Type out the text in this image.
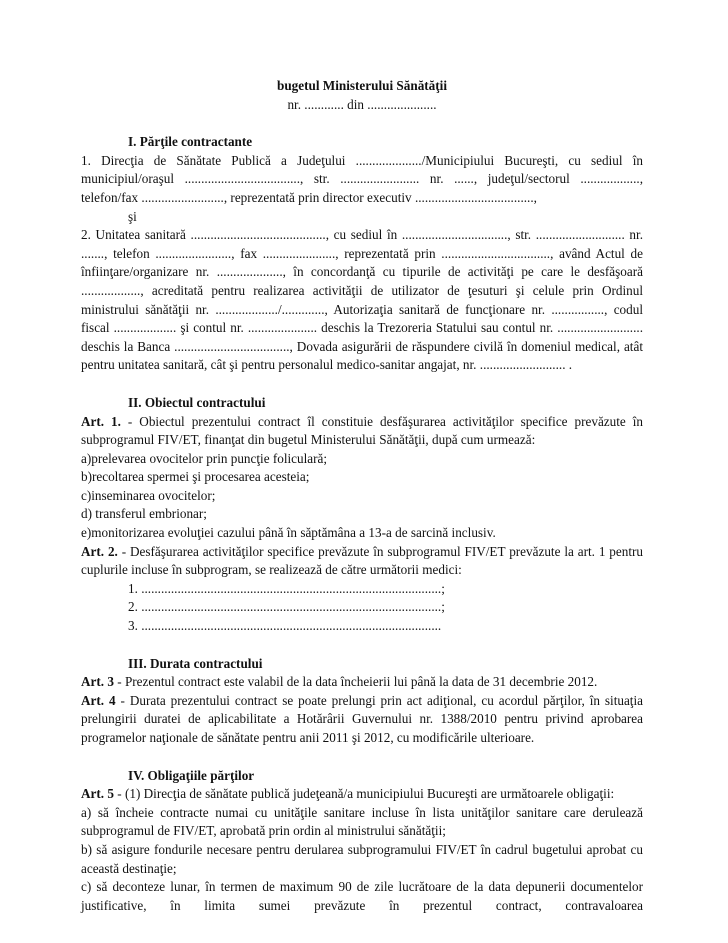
bugetul Ministerului Sănătăţii
nr. ............ din .....................
I. Părţile contractante

1. Direcţia de Sănătate Publică a Judeţului ..................../Municipiului Bucureşti, cu sediul în municipiul/oraşul ..................................., str. ........................ nr. ......, judeţul/sectorul .................., telefon/fax ........................., reprezentată prin director executiv ....................................,

şi

2. Unitatea sanitară ........................................., cu sediul în ................................, str. ........................... nr. ......., telefon ......................., fax ......................, reprezentată prin ................................., având Actul de înfiinţare/organizare nr. ...................., în concordanţă cu tipurile de activităţi pe care le desfăşoară .................., acreditată pentru realizarea activităţii de utilizator de ţesuturi şi celule prin Ordinul ministrului sănătăţii nr. .................../............., Autorizaţia sanitară de funcţionare nr. ................, codul fiscal ................... şi contul nr. ..................... deschis la Trezoreria Statului sau contul nr. .......................... deschis la Banca ..................................., Dovada asigurării de răspundere civilă în domeniul medical, atât pentru unitatea sanitară, cât şi pentru personalul medico-sanitar angajat, nr. .......................... .

II. Obiectul contractului

Art. 1. - Obiectul prezentului contract îl constituie desfăşurarea activităţilor specifice prevăzute în subprogramul FIV/ET, finanţat din bugetul Ministerului Sănătăţii, după cum urmează:

a)prelevarea ovocitelor prin puncţie foliculară;

b)recoltarea spermei şi procesarea acesteia;

c)inseminarea ovocitelor;

d) transferul embrionar;

e)monitorizarea evoluţiei cazului până în săptămâna a 13-a de sarcină inclusiv.

Art. 2. - Desfăşurarea activităţilor specifice prevăzute în subprogramul FIV/ET prevăzute la art. 1 pentru cuplurile incluse în subprogram, se realizează de către următorii medici:

1. ...........................................................................................;

2. ...........................................................................................;

3. ...........................................................................................

III. Durata contractului

Art. 3 - Prezentul contract este valabil de la data încheierii lui până la data de 31 decembrie 2012.

Art. 4 - Durata prezentului contract se poate prelungi prin act adiţional, cu acordul părţilor, în situaţia prelungirii duratei de aplicabilitate a Hotărârii Guvernului nr. 1388/2010 pentru privind aprobarea programelor naţionale de sănătate pentru anii 2011 şi 2012, cu modificările ulterioare.

IV. Obligaţiile părţilor

Art. 5 - (1) Direcţia de sănătate publică judeţeană/a municipiului Bucureşti are următoarele obligaţii:

a) să încheie contracte numai cu unităţile sanitare incluse în lista unităţilor sanitare care derulează subprogramul de FIV/ET, aprobată prin ordin al ministrului sănătăţii;

b) să asigure fondurile necesare pentru derularea subprogramului FIV/ET în cadrul bugetului aprobat cu această destinaţie;

c) să deconteze lunar, în termen de maximum 90 de zile lucrătoare de la data depunerii documentelor justificative, în limita sumei prevăzute în prezentul contract, contravaloarea
